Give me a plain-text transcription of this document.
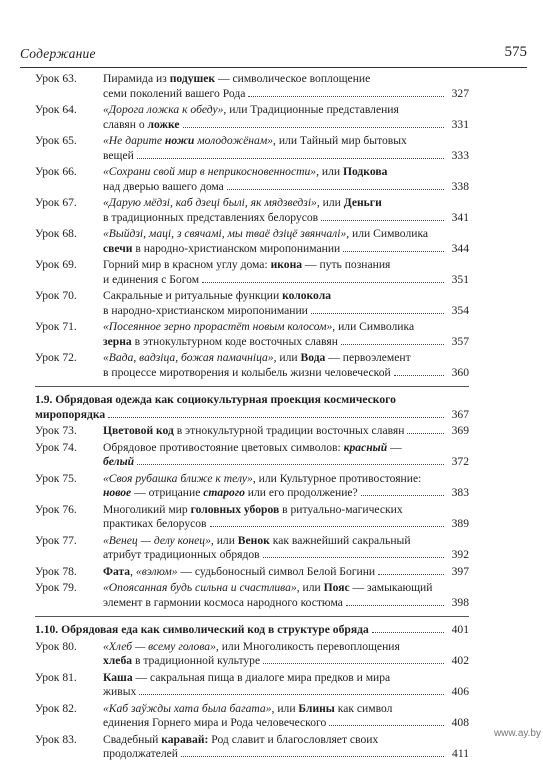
Содержание	575
Урок 63. Пирамида из подушек — символическое воплощение
семи поколений вашего Рода	327
Урок 64. «Дорога ложка к обеду», или Традиционные представления
славян о ложке	331
Урок 65. «Не дарите ножи молодожёнам», или Тайный мир бытовых
вещей	333
Урок 66. «Сохрани свой мир в неприкосновенности», или Подкова
над дверью вашего дома	338
Урок 67. «Дарую мёдзі, каб дзеці былі, як мядзведзі», или Деньги
в традиционных представлениях белорусов	341
Урок 68. «Выйдзі, маці, з свячамі, мы тваё дзіцё звянчалі», или Символика
свечи в народно-христианском миропонимании	344
Урок 69. Горний мир в красном углу дома: икона — путь познания
и единения с Богом	351
Урок 70. Сакральные и ритуальные функции колокола
в народно-христианском миропонимании	354
Урок 71. «Посеянное зерно прорастёт новым колосом», или Символика
зерна в этнокультурном коде восточных славян	357
Урок 72. «Вада, вадзіца, божая памачніца», или Вода — первоэлемент
в процессе миротворения и колыбель жизни человеческой	360
1.9. Обрядовая одежда как социокультурная проекция космического
миропорядка	367
Урок 73. Цветовой код в этнокультурной традиции восточных славян	369
Урок 74. Обрядовое противостояние цветовых символов: красный —
белый	372
Урок 75. «Своя рубашка ближе к телу», или Культурное противостояние:
новое — отрицание старого или его продолжение?	383
Урок 76. Многоликий мир головных уборов в ритуально-магических
практиках белорусов	389
Урок 77. «Венец — делу конец», или Венок как важнейший сакральный
атрибут традиционных обрядов	392
Урок 78. Фата, «вэлюм» — судьбоносный символ Белой Богини	397
Урок 79. «Опоясанная будь сильна и счастлива», или Пояс — замыкающий
элемент в гармонии космоса народного костюма	398
1.10. Обрядовая еда как символический код в структуре обряда	401
Урок 80. «Хлеб — всему голова», или Многоликость перевоплощения
хлеба в традиционной культуре	402
Урок 81. Каша — сакральная пища в диалоге мира предков и мира
живых	406
Урок 82. «Каб заўжды хата была багата», или Блины как символ
единения Горнего мира и Рода человеческого	408
Урок 83. Свадебный каравай: Род славит и благословляет своих
продолжателей	411
www.ay.by
